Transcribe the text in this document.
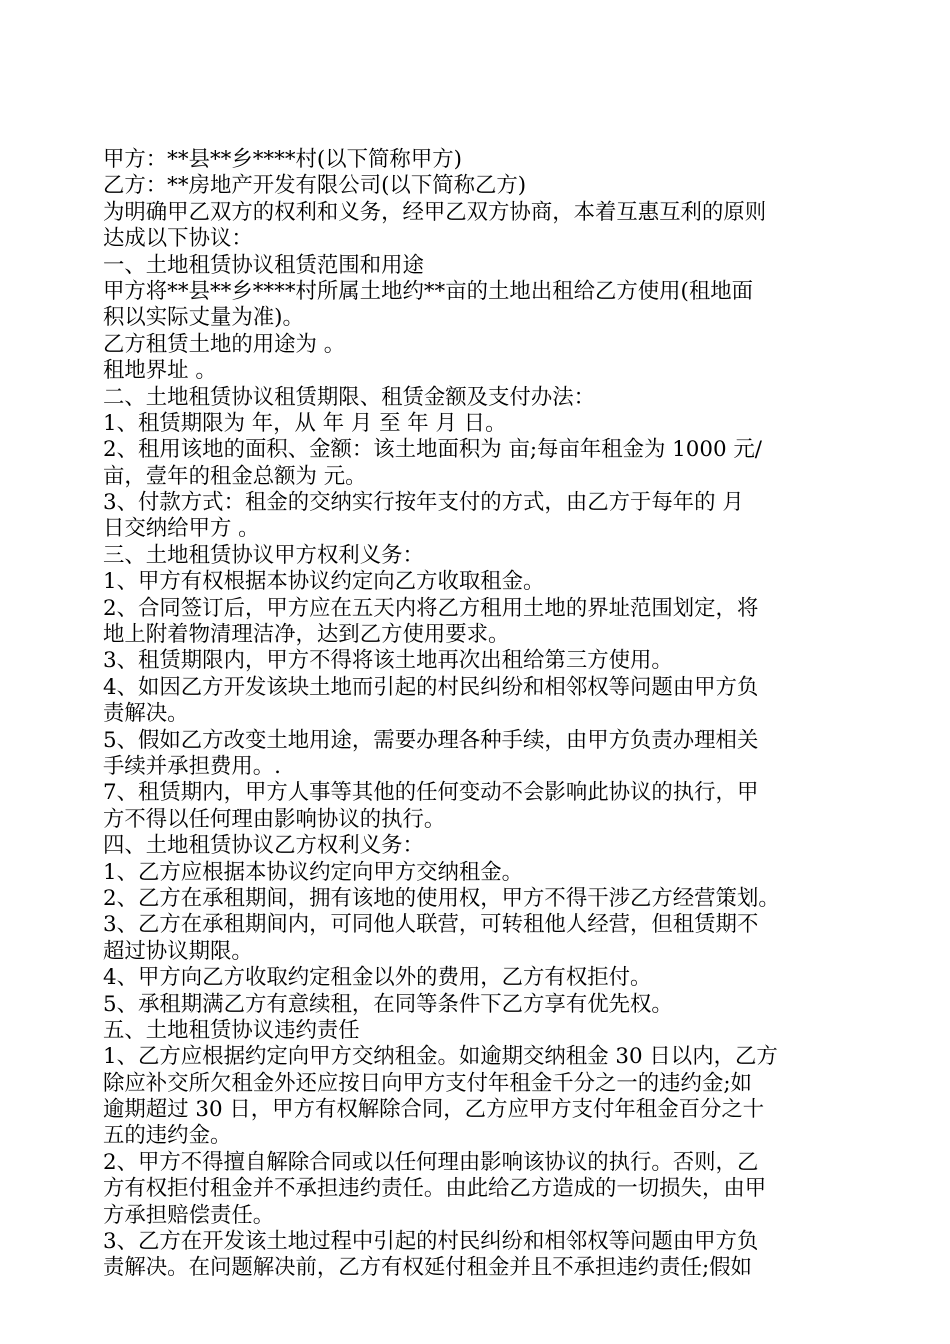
甲方：**县**乡****村(以下简称甲方)
乙方：**房地产开发有限公司(以下简称乙方)
为明确甲乙双方的权利和义务，经甲乙双方协商，本着互惠互利的原则
达成以下协议：
一、土地租赁协议租赁范围和用途
甲方将**县**乡****村所属土地约**亩的土地出租给乙方使用(租地面
积以实际丈量为准)。
乙方租赁土地的用途为 。
租地界址 。
二、土地租赁协议租赁期限、租赁金额及支付办法：
1、租赁期限为 年，从 年 月 至 年 月 日。
2、租用该地的面积、金额：该土地面积为 亩;每亩年租金为 1000 元/
亩，壹年的租金总额为 元。
3、付款方式：租金的交纳实行按年支付的方式，由乙方于每年的 月
日交纳给甲方 。
三、土地租赁协议甲方权利义务：
1、甲方有权根据本协议约定向乙方收取租金。
2、合同签订后，甲方应在五天内将乙方租用土地的界址范围划定，将
地上附着物清理洁净，达到乙方使用要求。
3、租赁期限内，甲方不得将该土地再次出租给第三方使用。
4、如因乙方开发该块土地而引起的村民纠纷和相邻权等问题由甲方负
责解决。
5、假如乙方改变土地用途，需要办理各种手续，由甲方负责办理相关
手续并承担费用。.
7、租赁期内，甲方人事等其他的任何变动不会影响此协议的执行，甲
方不得以任何理由影响协议的执行。
四、土地租赁协议乙方权利义务：
1、乙方应根据本协议约定向甲方交纳租金。
2、乙方在承租期间，拥有该地的使用权，甲方不得干涉乙方经营策划。
3、乙方在承租期间内，可同他人联营，可转租他人经营，但租赁期不
超过协议期限。
4、甲方向乙方收取约定租金以外的费用，乙方有权拒付。
5、承租期满乙方有意续租，在同等条件下乙方享有优先权。
五、土地租赁协议违约责任
1、乙方应根据约定向甲方交纳租金。如逾期交纳租金 30 日以内，乙方
除应补交所欠租金外还应按日向甲方支付年租金千分之一的违约金;如
逾期超过 30 日，甲方有权解除合同，乙方应甲方支付年租金百分之十
五的违约金。
2、甲方不得擅自解除合同或以任何理由影响该协议的执行。否则，乙
方有权拒付租金并不承担违约责任。由此给乙方造成的一切损失，由甲
方承担赔偿责任。
3、乙方在开发该土地过程中引起的村民纠纷和相邻权等问题由甲方负
责解决。在问题解决前，乙方有权延付租金并且不承担违约责任;假如
